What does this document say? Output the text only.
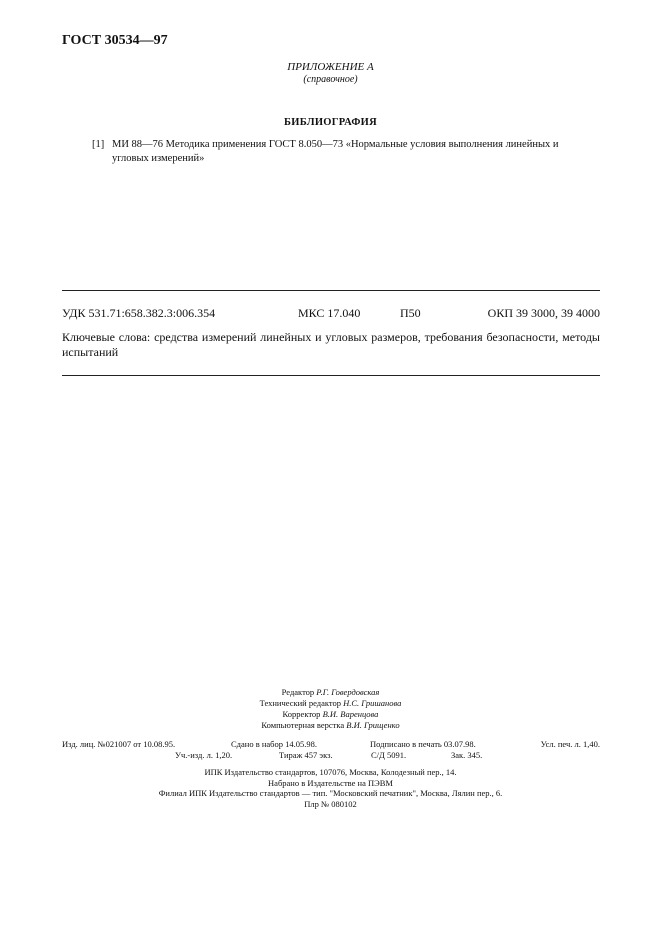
ГОСТ 30534—97
ПРИЛОЖЕНИЕ А
(справочное)
БИБЛИОГРАФИЯ
[1] МИ 88—76 Методика применения ГОСТ 8.050—73 «Нормальные условия выполнения линейных и
угловых измерений»
УДК 531.71:658.382.3:006.354	МКС 17.040	П50	ОКП 39 3000, 39 4000
Ключевые слова: средства измерений линейных и угловых размеров, требования безопасности, методы испытаний
Редактор Р.Г. Говердовская
Технический редактор Н.С. Гришанова
Корректор В.И. Варенцова
Компьютерная верстка В.И. Грищенко
Изд. лиц. №021007 от 10.08.95.	Сдано в набор 14.05.98.	Подписано в печать 03.07.98.	Усл. печ. л. 1,40.
Уч.-изд. л. 1,20.	Тираж 457 экз.	С/Д 5091.	Зак. 345.
ИПК Издательство стандартов, 107076, Москва, Колодезный пер., 14.
Набрано в Издательстве на ПЭВМ
Филиал ИПК Издательство стандартов — тип. "Московский печатник", Москва, Лялин пер., 6.
Плр № 080102
